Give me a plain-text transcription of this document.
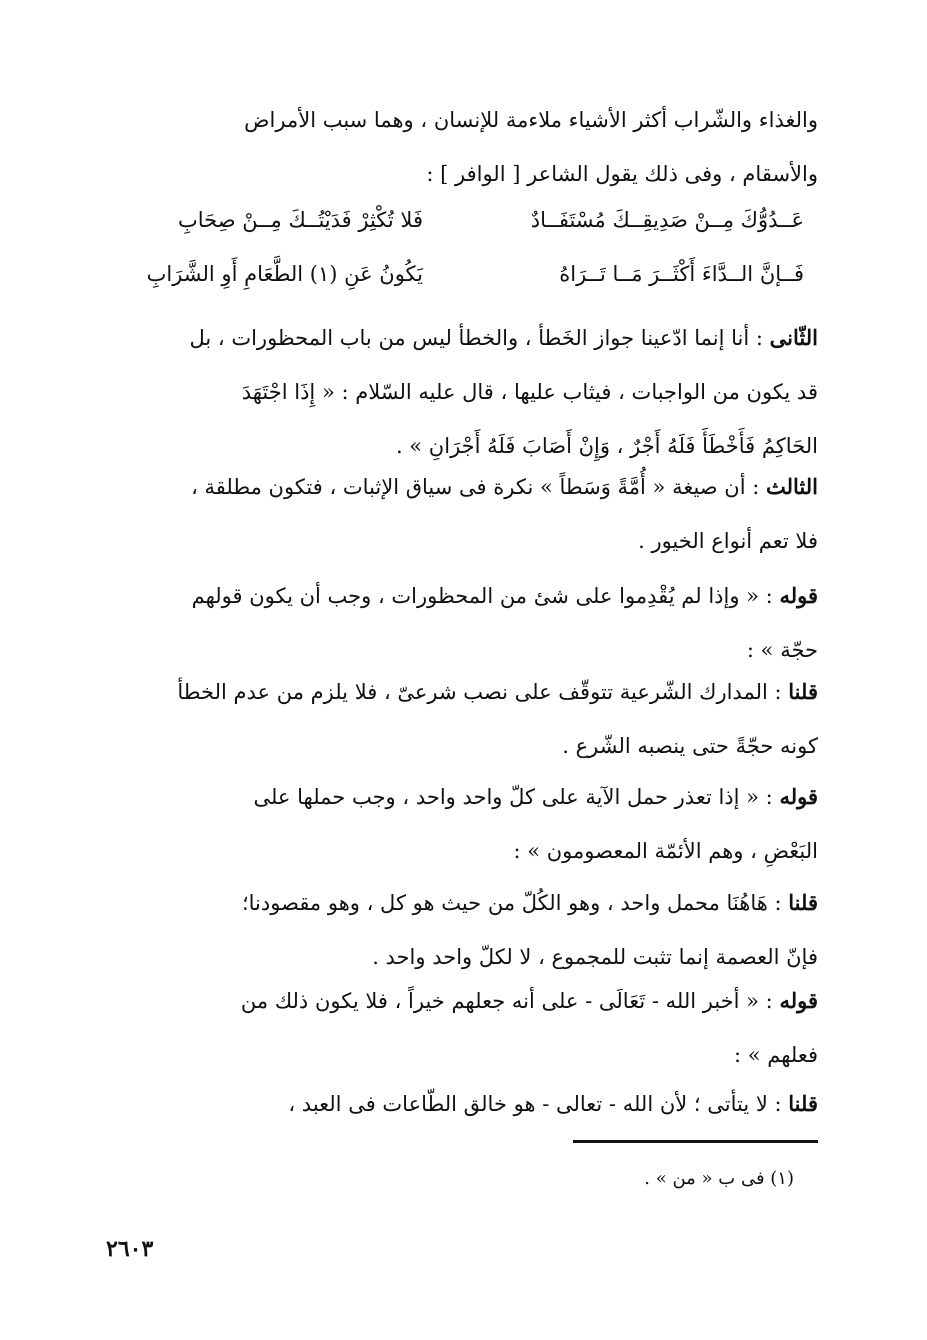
والغذاء والشّراب أكثر الأشياء ملاءمة للإنسان ، وهما سبب الأمراض
والأسقام ، وفى ذلك يقول الشاعر [ الوافر ] :
عَــدُوُّكَ مِــنْ صَدِيقِــكَ مُسْتَفَــادٌ
فَلا تُكْثِرْ فَدَيْتُــكَ مِــنْ صِحَابِ
فَــإنَّ الــدَّاءَ أَكْثَــرَ مَــا تَــرَاهُ
يَكُونُ عَنِ (١) الطَّعَامِ أَوِ الشَّرَابِ
الثّانى : أنا إنما ادّعينا جواز الخَطأ ، والخطأ ليس من باب المحظورات ، بل
قد يكون من الواجبات ، فيثاب عليها ، قال عليه السّلام : « إِذَا اجْتَهَدَ
الحَاكِمُ فَأَخْطَأَ فَلَهُ أَجْرٌ ، وَإِنْ أَصَابَ فَلَهُ أَجْرَانِ » .
الثالث : أن صيغة « أُمَّةً وَسَطاً » نكرة فى سياق الإثبات ، فتكون مطلقة ،
فلا تعم أنواع الخيور .
قوله : « وإذا لم يُقْدِموا على شئ من المحظورات ، وجب أن يكون قولهم
حجّة » :
قلنا : المدارك الشّرعية تتوقّف على نصب شرعىّ ، فلا يلزم من عدم الخطأ
كونه حجّةً حتى ينصبه الشّرع .
قوله : « إذا تعذر حمل الآية على كلّ واحد واحد ، وجب حملها على
البَعْضِ ، وهم الأئمّة المعصومون » :
قلنا : هَاهُنَا محمل واحد ، وهو الكُلّ من حيث هو كل ، وهو مقصودنا؛
فإنّ العصمة إنما تثبت للمجموع ، لا لكلّ واحد واحد .
قوله : « أخبر الله - تَعَالَى - على أنه جعلهم خيراً ، فلا يكون ذلك من
فعلهم » :
قلنا : لا يتأتى ؛ لأن الله - تعالى - هو خالق الطّاعات فى العبد ،
(١) فى ب « من » .
٢٦٠٣
